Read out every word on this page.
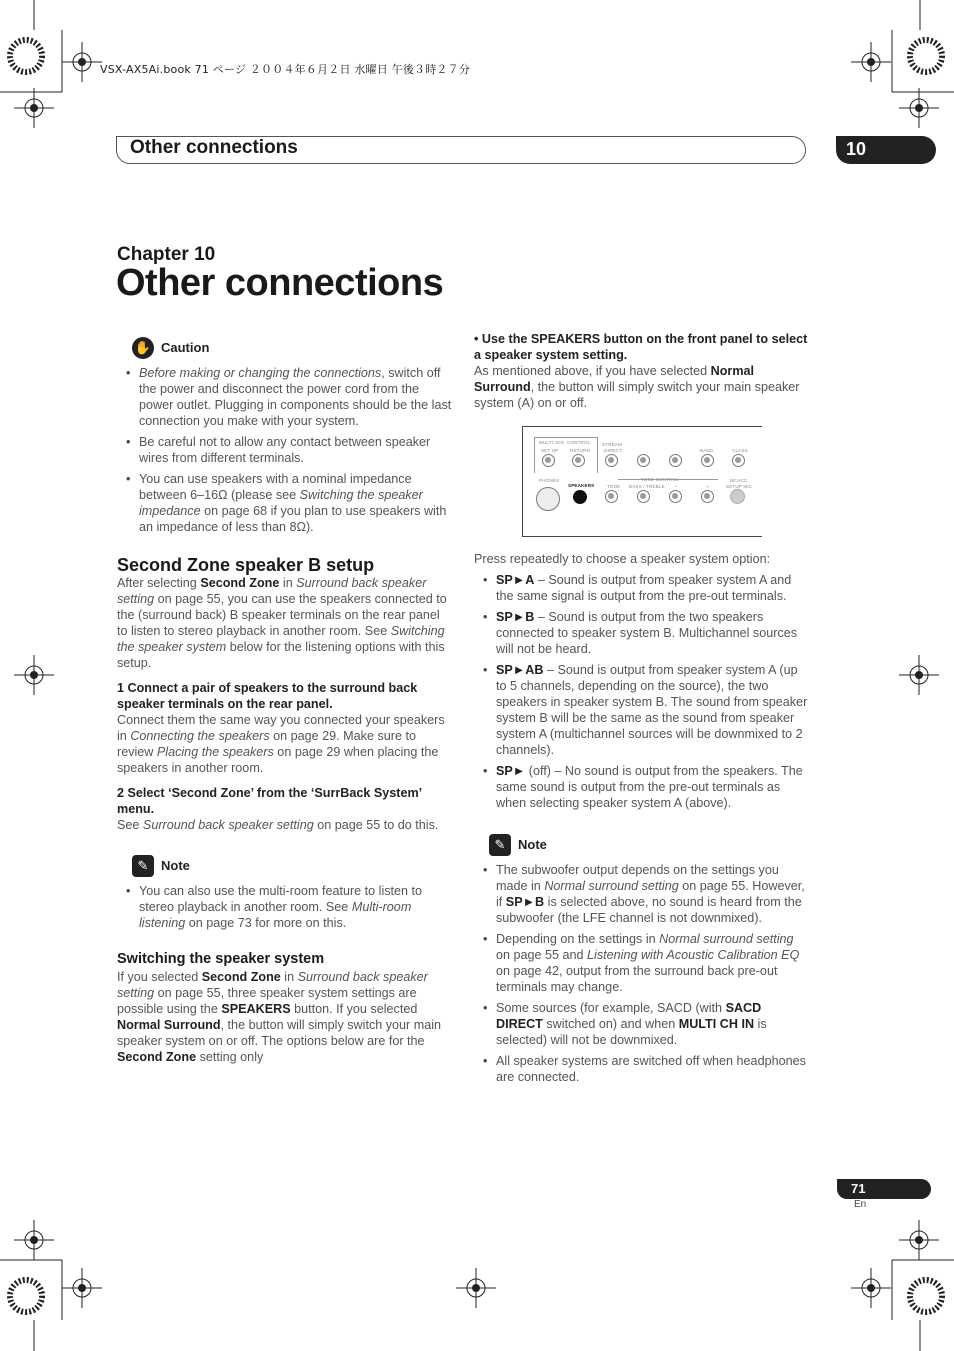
VSX-AX5Ai.book 71 ページ ２００４年６月２日 水曜日 午後３時２７分
Other connections	10
Chapter 10
Other connections
✋ Caution
• Before making or changing the connections, switch off the power and disconnect the power cord from the power outlet. Plugging in components should be the last connection you make with your system.
• Be careful not to allow any contact between speaker wires from different terminals.
• You can use speakers with a nominal impedance between 6–16Ω (please see Switching the speaker impedance on page 68 if you plan to use speakers with an impedance of less than 8Ω).
Second Zone speaker B setup

After selecting Second Zone in Surround back speaker setting on page 55, you can use the speakers connected to the (surround back) B speaker terminals on the rear panel to listen to stereo playback in another room. See Switching the speaker system below for the listening options with this setup.

1 Connect a pair of speakers to the surround back speaker terminals on the rear panel.

Connect them the same way you connected your speakers in Connecting the speakers on page 29. Make sure to review Placing the speakers on page 29 when placing the speakers in another room.

2 Select ‘Second Zone’ from the ‘SurrBack System’ menu.

See Surround back speaker setting on page 55 to do this.

✎ Note
• You can also use the multi-room feature to listen to stereo playback in another room. See Multi-room listening on page 73 for more on this.
Switching the speaker system

If you selected Second Zone in Surround back speaker setting on page 55, three speaker system settings are possible using the SPEAKERS button. If you selected Normal Surround, the button will simply switch your main speaker system on or off. The options below are for the Second Zone setting only

• Use the SPEAKERS button on the front panel to select a speaker system setting.

As mentioned above, if you have selected Normal Surround, the button will simply switch your main speaker system (A) on or off.

MULTI JOG
SET UP
CONTROL
RETURN
STREAM
DIRECT	BAND	CLASS
TONE CONTROL
PHONES
SPEAKERS	TONE BASS / TREBLE –	+
MCACC
SETUP MIC

Press repeatedly to choose a speaker system option:

• SP►A – Sound is output from speaker system A and the same signal is output from the pre-out terminals.
• SP►B – Sound is output from the two speakers connected to speaker system B. Multichannel sources will not be heard.
• SP►AB – Sound is output from speaker system A (up to 5 channels, depending on the source), the two speakers in speaker system B. The sound from speaker system B will be the same as the sound from speaker system A (multichannel sources will be downmixed to 2 channels).
• SP► (off) – No sound is output from the speakers. The same sound is output from the pre-out terminals as when selecting speaker system A (above).
✎ Note
• The subwoofer output depends on the settings you made in Normal surround setting on page 55. However, if SP►B is selected above, no sound is heard from the subwoofer (the LFE channel is not downmixed).
• Depending on the settings in Normal surround setting on page 55 and Listening with Acoustic Calibration EQ on page 42, output from the surround back pre-out terminals may change.
• Some sources (for example, SACD (with SACD DIRECT switched on) and when MULTI CH IN is selected) will not be downmixed.
• All speaker systems are switched off when headphones are connected.
71
En
